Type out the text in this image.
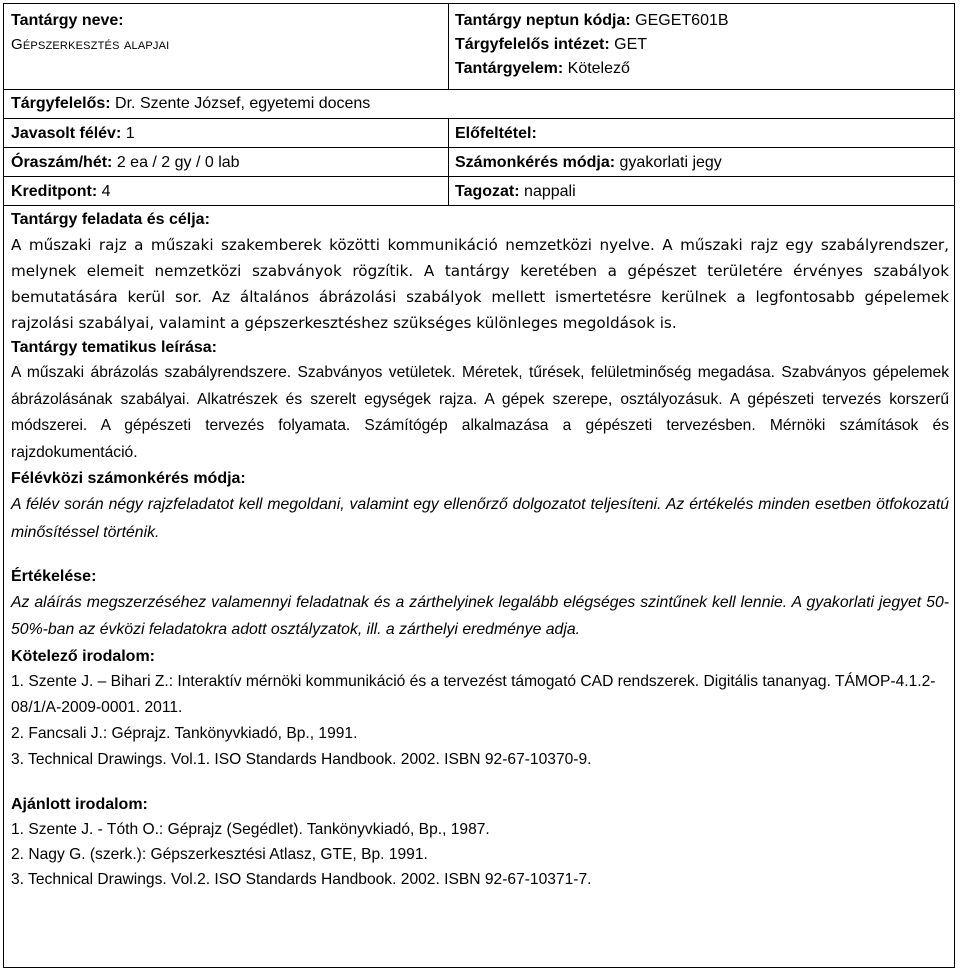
Tantárgy neve:
Gépszerkesztés alapjai
Tantárgy neptun kódja: GEGET601B
Tárgyfelelős intézet: GET
Tantárgyelem: Kötelező
Tárgyfelelős: Dr. Szente József, egyetemi docens
Javasolt félév: 1	Előfeltétel:
Óraszám/hét: 2 ea / 2 gy / 0 lab	Számonkérés módja: gyakorlati jegy
Kreditpont: 4	Tagozat: nappali
Tantárgy feladata és célja:
A műszaki rajz a műszaki szakemberek közötti kommunikáció nemzetközi nyelve. A műszaki rajz egy szabályrendszer, melynek elemeit nemzetközi szabványok rögzítik. A tantárgy keretében a gépészet területére érvényes szabályok bemutatására kerül sor. Az általános ábrázolási szabályok mellett ismertetésre kerülnek a legfontosabb gépelemek rajzolási szabályai, valamint a gépszerkesztéshez szükséges különleges megoldások is.
Tantárgy tematikus leírása:
A műszaki ábrázolás szabályrendszere. Szabványos vetületek. Méretek, tűrések, felületminőség megadása. Szabványos gépelemek ábrázolásának szabályai. Alkatrészek és szerelt egységek rajza. A gépek szerepe, osztályozásuk. A gépészeti tervezés korszerű módszerei. A gépészeti tervezés folyamata. Számítógép alkalmazása a gépészeti tervezésben. Mérnöki számítások és rajzdokumentáció.
Félévközi számonkérés módja:
A félév során négy rajzfeladatot kell megoldani, valamint egy ellenőrző dolgozatot teljesíteni. Az értékelés minden esetben ötfokozatú minősítéssel történik.
Értékelése:
Az aláírás megszerzéséhez valamennyi feladatnak és a zárthelyinek legalább elégséges szintűnek kell lennie. A gyakorlati jegyet 50-50%-ban az évközi feladatokra adott osztályzatok, ill. a zárthelyi eredménye adja.
Kötelező irodalom:
1. Szente J. – Bihari Z.: Interaktív mérnöki kommunikáció és a tervezést támogató CAD rendszerek. Digitális tananyag. TÁMOP-4.1.2-08/1/A-2009-0001. 2011.
2. Fancsali J.: Géprajz. Tankönyvkiadó, Bp., 1991.
3. Technical Drawings. Vol.1. ISO Standards Handbook. 2002. ISBN 92-67-10370-9.
Ajánlott irodalom:
1. Szente J. - Tóth O.: Géprajz (Segédlet). Tankönyvkiadó, Bp., 1987.
2. Nagy G. (szerk.): Gépszerkesztési Atlasz, GTE, Bp. 1991.
3. Technical Drawings. Vol.2. ISO Standards Handbook. 2002. ISBN 92-67-10371-7.
